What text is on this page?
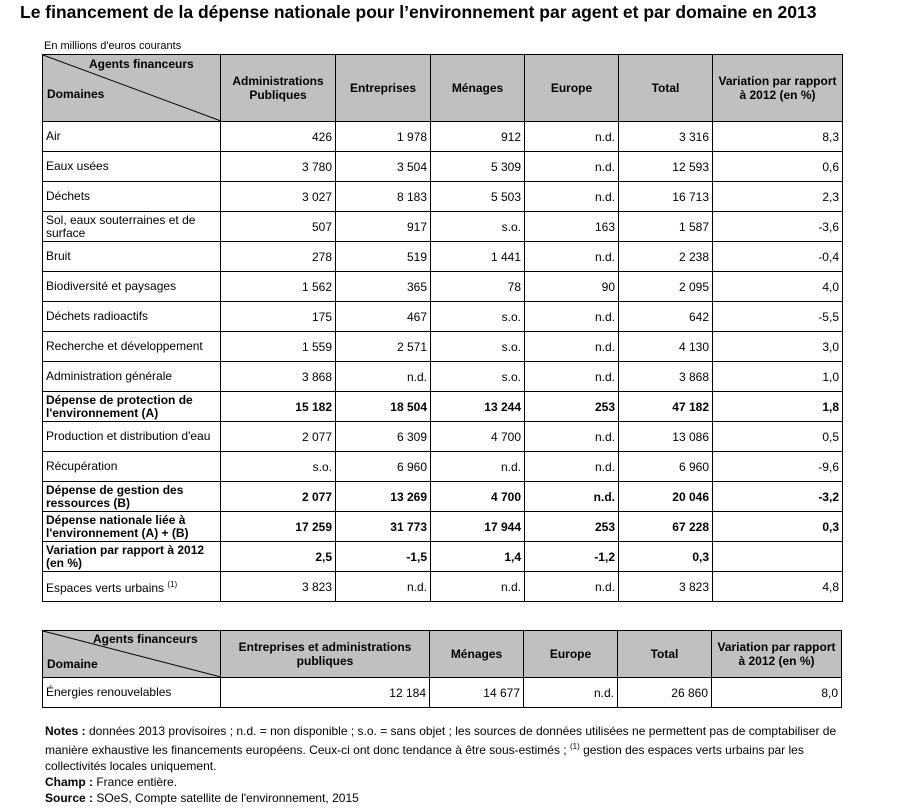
Le financement de la dépense nationale pour l’environnement par agent et par domaine en 2013
En millions d'euros courants
Agents financeurs
Domaines	Administrations Publiques	Entreprises	Ménages	Europe	Total	Variation par rapport à 2012 (en %)
Air	426	1 978	912	n.d.	3 316	8,3
Eaux usées	3 780	3 504	5 309	n.d.	12 593	0,6
Déchets	3 027	8 183	5 503	n.d.	16 713	2,3
Sol, eaux souterraines et de surface	507	917	s.o.	163	1 587	-3,6
Bruit	278	519	1 441	n.d.	2 238	-0,4
Biodiversité et paysages	1 562	365	78	90	2 095	4,0
Déchets radioactifs	175	467	s.o.	n.d.	642	-5,5
Recherche et développement	1 559	2 571	s.o.	n.d.	4 130	3,0
Administration générale	3 868	n.d.	s.o.	n.d.	3 868	1,0
Dépense de protection de l'environnement (A)	15 182	18 504	13 244	253	47 182	1,8
Production et distribution d'eau	2 077	6 309	4 700	n.d.	13 086	0,5
Récupération	s.o.	6 960	n.d.	n.d.	6 960	-9,6
Dépense de gestion des ressources (B)	2 077	13 269	4 700	n.d.	20 046	-3,2
Dépense nationale liée à l'environnement (A) + (B)	17 259	31 773	17 944	253	67 228	0,3
Variation par rapport à 2012 (en %)	2,5	-1,5	1,4	-1,2	0,3	
Espaces verts urbains $^{(1)}$	3 823	n.d.	n.d.	n.d.	3 823	4,8
Agents financeurs
Domaine	Entreprises et administrations publiques	Ménages	Europe	Total	Variation par rapport à 2012 (en %)
Énergies renouvelables	12 184	14 677	n.d.	26 860	8,0

Notes : données 2013 provisoires ; n.d. = non disponible ; s.o. = sans objet ; les sources de données utilisées ne permettent pas de comptabiliser de manière exhaustive les financements européens. Ceux-ci ont donc tendance à être sous-estimés ; $^{(1)}$ gestion des espaces verts urbains par les collectivités locales uniquement.

Champ : France entière.

Source : SOeS, Compte satellite de l'environnement, 2015
